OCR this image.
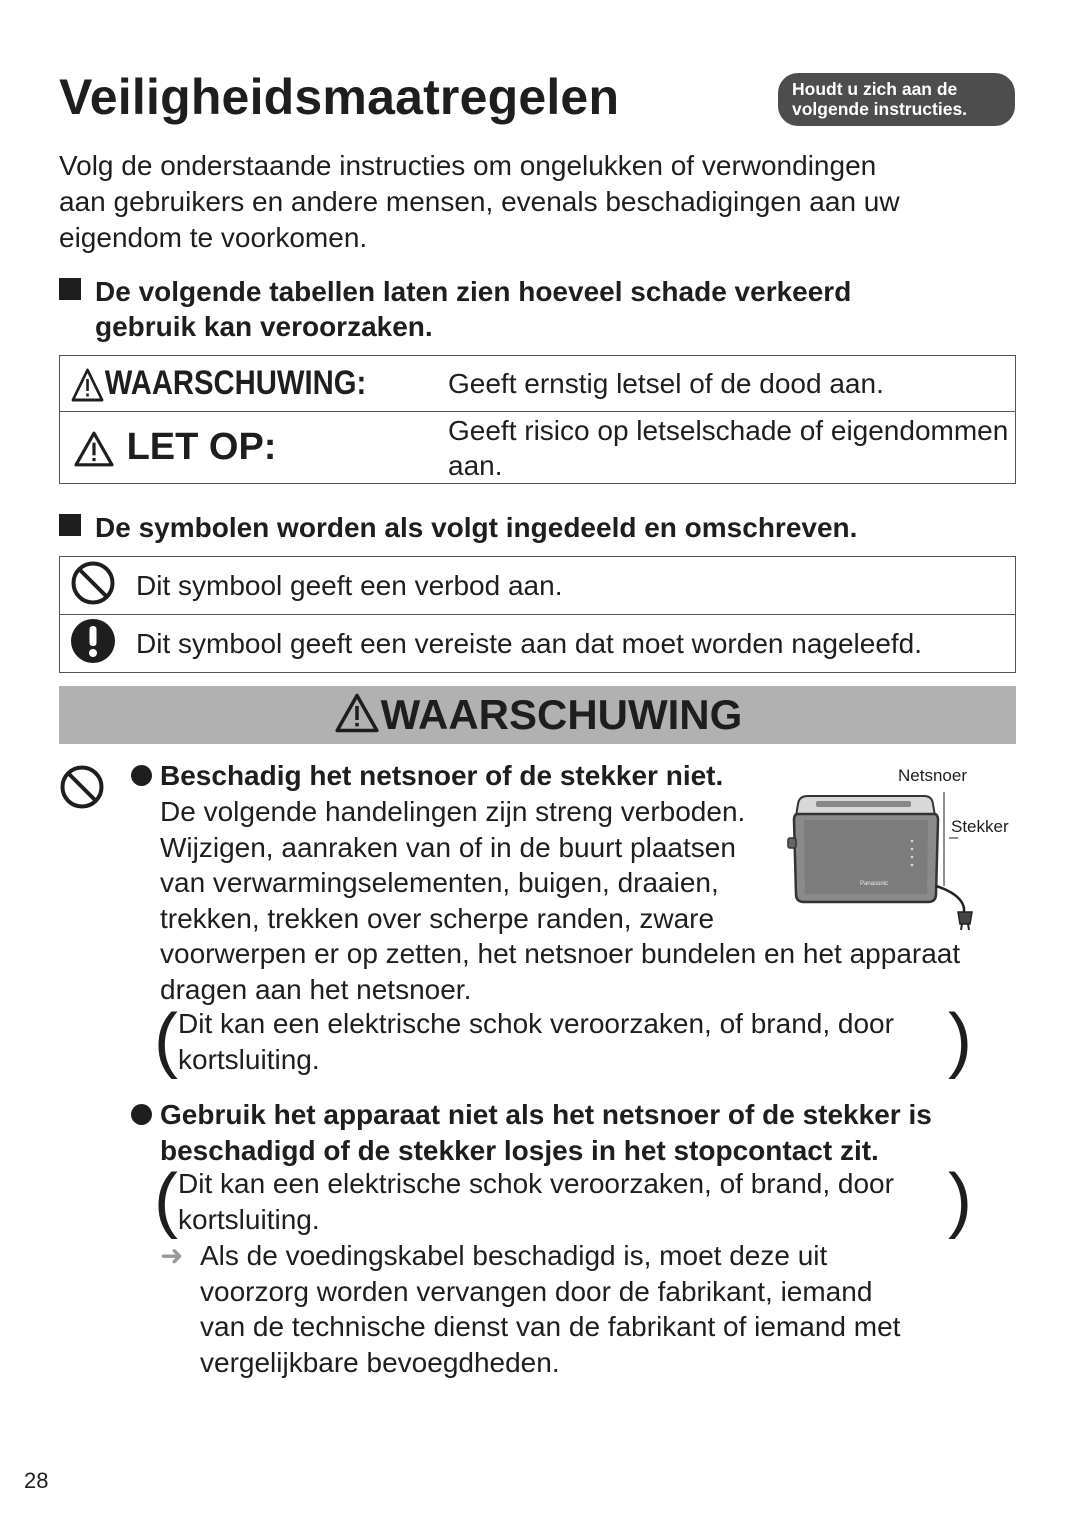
Veiligheidsmaatregelen	Houdt u zich aan de
volgende instructies.
Volg de onderstaande instructies om ongelukken of verwondingen
aan gebruikers en andere mensen, evenals beschadigingen aan uw
eigendom te voorkomen.
De volgende tabellen laten zien hoeveel schade verkeerd
gebruik kan veroorzaken.
WAARSCHUWING:	Geeft ernstig letsel of de dood aan.

LET OP:	Geeft risico op letselschade of eigendommen
aan.
De symbolen worden als volgt ingedeeld en omschreven.
	Dit symbool geeft een verbod aan.
	Dit symbool geeft een vereiste aan dat moet worden nageleefd.
WAARSCHUWING
Beschadig het netsnoer of de stekker niet.
De volgende handelingen zijn streng verboden.
Wijzigen, aanraken van of in de buurt plaatsen
van verwarmingselementen, buigen, draaien,
trekken, trekken over scherpe randen, zware
voorwerpen er op zetten, het netsnoer bundelen en het apparaat
dragen aan het netsnoer.
( Dit kan een elektrische schok veroorzaken, of brand, door
kortsluiting.	)
Netsnoer
Stekker
Panasonic
Gebruik het apparaat niet als het netsnoer of de stekker is
beschadigd of de stekker losjes in het stopcontact zit.
( Dit kan een elektrische schok veroorzaken, of brand, door
kortsluiting.	)
➜ Als de voedingskabel beschadigd is, moet deze uit
voorzorg worden vervangen door de fabrikant, iemand
van de technische dienst van de fabrikant of iemand met
vergelijkbare bevoegdheden.
28
